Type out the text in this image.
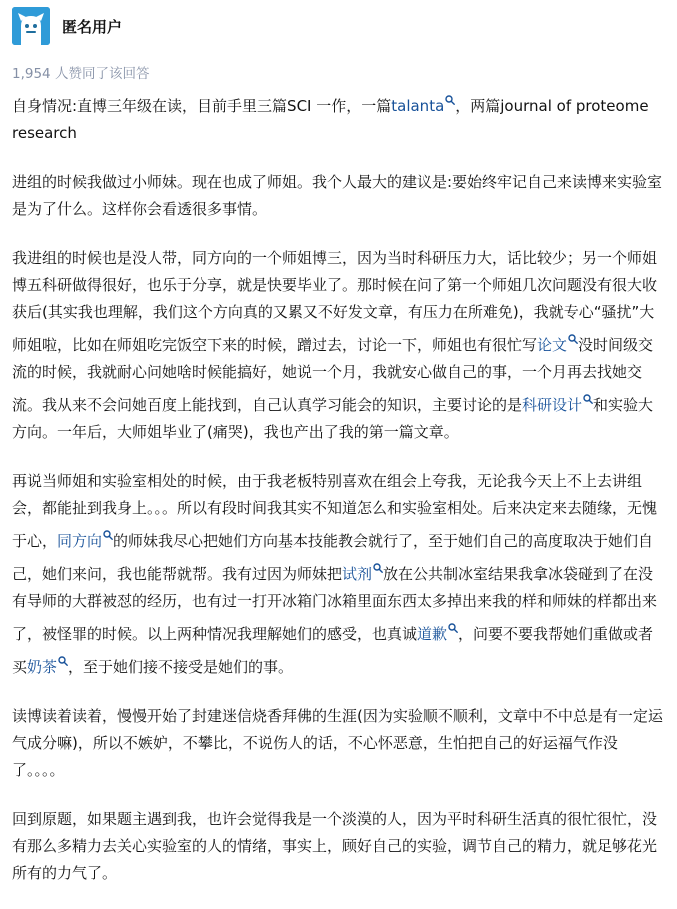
匿名用户
1,954 人赞同了该回答

自身情况:直博三年级在读，目前手里三篇SCI 一作，一篇talanta ，两篇journal of proteome research

进组的时候我做过小师妹。现在也成了师姐。我个人最大的建议是:要始终牢记自己来读博来实验室是为了什么。这样你会看透很多事情。

我进组的时候也是没人带，同方向的一个师姐博三，因为当时科研压力大，话比较少；另一个师姐博五科研做得很好，也乐于分享，就是快要毕业了。那时候在问了第一个师姐几次问题没有很大收获后(其实我也理解，我们这个方向真的又累又不好发文章，有压力在所难免)，我就专心“骚扰”大师姐啦，比如在师姐吃完饭空下来的时候，蹭过去，讨论一下，师姐也有很忙写论文 没时间级交流的时候，我就耐心问她啥时候能搞好，她说一个月，我就安心做自己的事，一个月再去找她交流。我从来不会问她百度上能找到，自己认真学习能会的知识，主要讨论的是科研设计 和实验大方向。一年后，大师姐毕业了(痛哭)，我也产出了我的第一篇文章。

再说当师姐和实验室相处的时候，由于我老板特别喜欢在组会上夸我，无论我今天上不上去讲组会，都能扯到我身上。。。所以有段时间我其实不知道怎么和实验室相处。后来决定来去随缘，无愧于心，同方向 的师妹我尽心把她们方向基本技能教会就行了，至于她们自己的高度取决于她们自己，她们来问，我也能帮就帮。我有过因为师妹把试剂 放在公共制冰室结果我拿冰袋碰到了在没有导师的大群被怼的经历，也有过一打开冰箱门冰箱里面东西太多掉出来我的样和师妹的样都出来了，被怪罪的时候。以上两种情况我理解她们的感受，也真诚道歉 ，问要不要我帮她们重做或者买奶茶 ，至于她们接不接受是她们的事。

读博读着读着，慢慢开始了封建迷信烧香拜佛的生涯(因为实验顺不顺利，文章中不中总是有一定运气成分嘛)，所以不嫉妒，不攀比，不说伤人的话，不心怀恶意，生怕把自己的好运福气作没了。。。。

回到原题，如果题主遇到我，也许会觉得我是一个淡漠的人，因为平时科研生活真的很忙很忙，没有那么多精力去关心实验室的人的情绪，事实上，顾好自己的实验，调节自己的精力，就足够花光所有的力气了。
